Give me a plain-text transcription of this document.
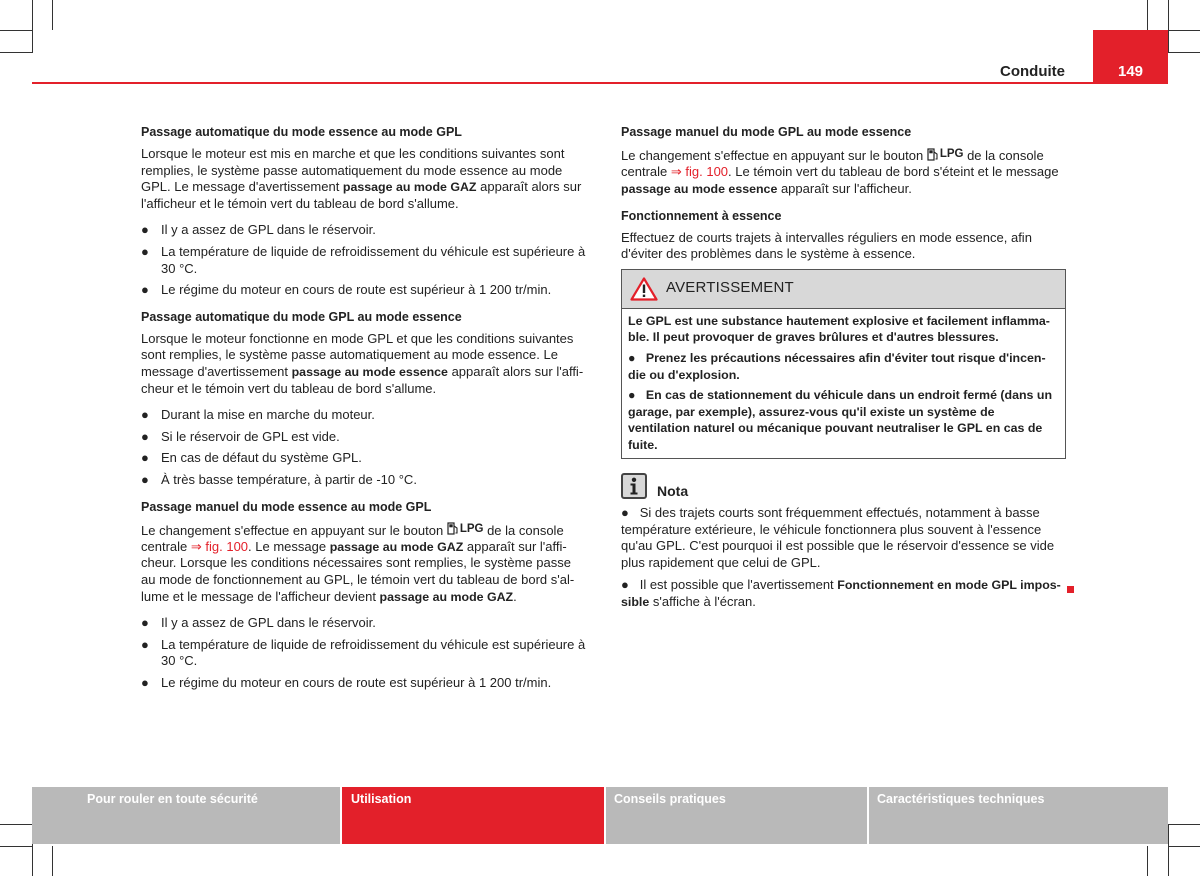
149
Conduite
Passage automatique du mode essence au mode GPL

Lorsque le moteur est mis en marche et que les conditions suivantes sont remplies, le système passe automatiquement du mode essence au mode GPL. Le message d'avertissement passage au mode GAZ apparaît alors sur l'afficheur et le témoin vert du tableau de bord s'allume.

● Il y a assez de GPL dans le réservoir.
● La température de liquide de refroidissement du véhicule est supérieure à 30 °C.
● Le régime du moteur en cours de route est supérieur à 1 200 tr/min.
Passage automatique du mode GPL au mode essence

Lorsque le moteur fonctionne en mode GPL et que les conditions suivantes sont remplies, le système passe automatiquement au mode essence. Le message d'avertissement passage au mode essence apparaît alors sur l'afficheur et le témoin vert du tableau de bord s'allume.

● Durant la mise en marche du moteur.
● Si le réservoir de GPL est vide.
● En cas de défaut du système GPL.
● À très basse température, à partir de -10 °C.
Passage manuel du mode essence au mode GPL

Le changement s'effectue en appuyant sur le bouton LPG de la console centrale ⇒ fig. 100. Le message passage au mode GAZ apparaît sur l'afficheur. Lorsque les conditions nécessaires sont remplies, le système passe au mode de fonctionnement au GPL, le témoin vert du tableau de bord s'allume et le message de l'afficheur devient passage au mode GAZ.

● Il y a assez de GPL dans le réservoir.
● La température de liquide de refroidissement du véhicule est supérieure à 30 °C.
● Le régime du moteur en cours de route est supérieur à 1 200 tr/min.
Passage manuel du mode GPL au mode essence

Le changement s'effectue en appuyant sur le bouton LPG de la console centrale ⇒ fig. 100. Le témoin vert du tableau de bord s'éteint et le message passage au mode essence apparaît sur l'afficheur.

Fonctionnement à essence

Effectuez de courts trajets à intervalles réguliers en mode essence, afin d'éviter des problèmes dans le système à essence.

AVERTISSEMENT

Le GPL est une substance hautement explosive et facilement inflammable. Il peut provoquer de graves brûlures et d'autres blessures.

● Prenez les précautions nécessaires afin d'éviter tout risque d'incendie ou d'explosion.

● En cas de stationnement du véhicule dans un endroit fermé (dans un garage, par exemple), assurez-vous qu'il existe un système de ventilation naturel ou mécanique pouvant neutraliser le GPL en cas de fuite.

Nota

● Si des trajets courts sont fréquemment effectués, notamment à basse température extérieure, le véhicule fonctionnera plus souvent à l'essence qu'au GPL. C'est pourquoi il est possible que le réservoir d'essence se vide plus rapidement que celui de GPL.

● Il est possible que l'avertissement Fonctionnement en mode GPL impossible s'affiche à l'écran.

Pour rouler en toute sécurité	Utilisation	Conseils pratiques	Caractéristiques techniques
